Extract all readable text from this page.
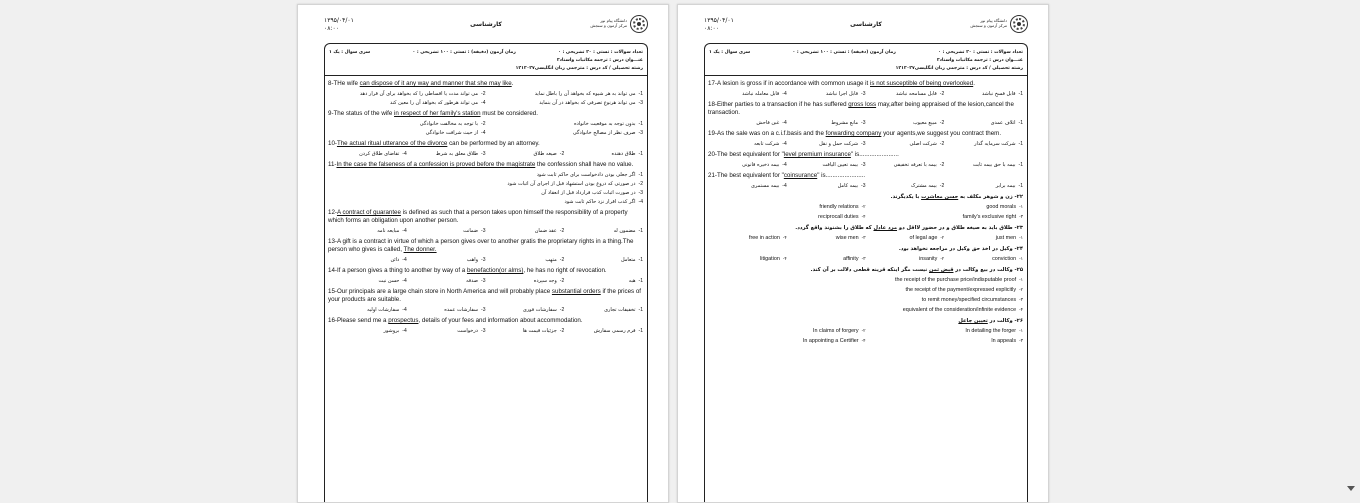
۱۳۹۵/۰۴/۰۱
۰۸:۰۰
کارشناسی
دانشگاه پیام نور
مرکز آزمون و سنجش
تعداد سوالات : تستی : ۲۰ تشریحی : ۰
زمان آزمون (دقیقه) : تستی : ۱۰۰ تشریحی : ۰
سری سوال : یک ۱
عنـــوان درس : ترجمه مکاتبات واسناد۲
رشته تحصیلی / کد درس : مترجمی زبان انگلیسی۱۲۱۲۰۲۷
8-THe wife can dispose of it any way and manner that she may like.
1-می تواند به هر شیوه که بخواهد آن را باطل نماید
2-می تواند مدت یا اقساطی را که بخواهد برای آن قرار دهد
3-می تواند هرنوع تصرفی که بخواهد در آن بنماید
4-می تواند هرطور که بخواهد آن را معین کند
9-The status of the wife in respect of her family's station must be considered.
1-بدون توجه به موقعیت خانواده
2-با توجه به مخالفت خانوادگی
3-صرف نظر از مصالح خانوادگی
4-از حیث شرافت خانوادگی
10-The actual ritual utterance of the divorce can be performed by an attorney.
1-طلاق دهنده
2-صیغه طلاق
3-طلاق معلق به شرط
4-تقاضای طلاق کردن
11-In the case the falseness of a confession is proved before the magistrate the confession shall have no value.
1-اگر جعلی بودن دادخواست برای حاکم ثابت شود
2-در صورتی که دروغ بودن استشهاد قبل از اجرای آن اثبات شود
3-در صورت اثبات کذب قرارداد قبل از انعقاد آن
4-اگر کذب اقرار نزد حاکم ثابت شود
12-A contract of guarantee is defined as such that a person takes upon himself the responsibility of a property which forms an obligation upon another person.
1-مضمون له
2-عقد ضمان
3-ضمانت
4-مبایعه نامه
13-A gift is a contract in virtue of which a person gives over to another gratis the proprietary rights in a thing.The person who gives is called, The donner.
1-متعامل
2-متهب
3-واهب
4-دائن
14-If a person gives a thing to another by way of a benefaction(or alms), he has no right of revocation.
1-هبه
2-وجه سپرده
3-صدقه
4-حسن نیت
15-Our principals are a large chain store in North America and will probably place substantial orders if the prices of your products are suitable.
1-تخفیفات تجاری
2-سفارشات فوری
3-سفارشات عمده
4-سفارشات اولیه
16-Please send me a prospectus, details of your fees and information about accommodation.
1-فرم رسمی سفارش
2-جزئیات قیمت ها
3-درخواست
4-بروشور
۱۳۹۵/۰۴/۰۱
۰۸:۰۰
کارشناسی
دانشگاه پیام نور
مرکز آزمون و سنجش
تعداد سوالات : تستی : ۲۰ تشریحی : ۰
زمان آزمون (دقیقه) : تستی : ۱۰۰ تشریحی : ۰
سری سوال : یک ۱
عنـــوان درس : ترجمه مکاتبات واسناد۲
رشته تحصیلی / کد درس : مترجمی زبان انگلیسی۱۲۱۲۰۲۷
17-A lesion is gross if in accordance with common usage it is not susceptible of being overlooked.
1-قابل فسخ نباشد
2-قابل مسامحه نباشد
3-قابل اجرا نباشد
4-قابل معامله نباشد
18-Either parties to a transaction if he has suffered gross loss may,after being appraised of the lesion,cancel the transaction.
1-اتلاف عمدی
2-مبیع معیوب
3-مانع مشروط
4-غبن فاحش
19-As the sale was on a c.i.f.basis and the forwarding company your agents,we suggest you contract them.
1-شرکت سرمایه گذار
2-شرکت اصلی
3-شرکت حمل و نقل
4-شرکت تابعه
20-The best equivalent for "level premium insurance" is.......................
1-بیمه با حق بیمه ثابت
2-بیمه با تعرفه تخفیفی
3-بیمه تعیین الیافت
4-بیمه ذخیره قانونی
21-The best equivalent for "coinsurance" is.......................
1-بیمه برابر
2-بیمه مشترک
3-بیمه کامل
4-بیمه مستمری
۲۲- زن و شوهر مکلف به حسن معاشرت با یکدیگرند.
۱-good morals
۲-friendly relations
۳-family's exclusive right
۴-reciprocall duties
۲۳- طلاق باید به صیغه طلاق و در حضور لااقل دو مرد عادل که طلاق را بشنوند واقع گردد.
۱-just men
۲-of legal age
۳-wise men
۴-free in action
۲۴- وکیل در اخذ حق وکیل در مراجعه نخواهد بود.
۱-conviction
۲-insanity
۳-affinity
۴-litigation
۲۵- وکالت در بیع وکالت در قبض ثمن نیست مگر اینکه قرینه قطعی دلالت بر آن کند.
۱-the receipt of the purchase price/indisputable proof
۲-the receipt of the payment/expressed explicitly
۳-to remit money/specified circumstances
۴-equivalent of the consideration/infinite evidence
۲۶- وکالت در تعیین جاعل
۱-In detailing the forger
۲-In claims of forgery
۳-In appeals
۴-In appointing a Certifier
